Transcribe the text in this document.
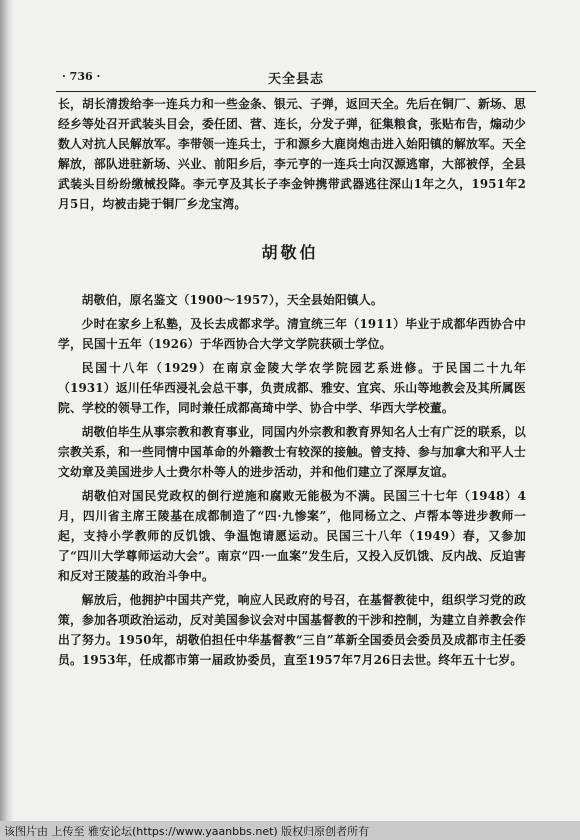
· 736 ·	天全县志

长，胡长清拨给李一连兵力和一些金条、银元、子弹，返回天全。先后在铜厂、新场、思经乡等处召开武装头目会，委任团、营、连长，分发子弹，征集粮食，张贴布告，煽动少数人对抗人民解放军。李带领一连兵士，于和源乡大鹿岗炮击进入始阳镇的解放军。天全解放，部队进驻新场、兴业、前阳乡后，李元亨的一连兵士向汉源逃窜，大部被俘，全县武装头目纷纷缴械投降。李元亨及其长子李金钟携带武器逃往深山1年之久，1951年2月5日，均被击毙于铜厂乡龙宝湾。

胡敬伯

胡敬伯，原名鉴文（1900～1957），天全县始阳镇人。

少时在家乡上私塾，及长去成都求学。清宣统三年（1911）毕业于成都华西协合中学，民国十五年（1926）于华西协合大学文学院获硕士学位。

民国十八年（1929）在南京金陵大学农学院园艺系进修。于民国二十九年（1931）返川任华西浸礼会总干事，负责成都、雅安、宜宾、乐山等地教会及其所属医院、学校的领导工作，同时兼任成都高琦中学、协合中学、华西大学校董。

胡敬伯毕生从事宗教和教育事业，同国内外宗教和教育界知名人士有广泛的联系，以宗教关系，和一些同情中国革命的外籍教士有较深的接触。曾支持、参与加拿大和平人士文幼章及美国进步人士费尔朴等人的进步活动，并和他们建立了深厚友谊。

胡敬伯对国民党政权的倒行逆施和腐败无能极为不满。民国三十七年（1948）4月，四川省主席王陵基在成都制造了“四·九惨案”，他同杨立之、卢帮本等进步教师一起，支持小学教师的反饥饿、争温饱请愿运动。民国三十八年（1949）春，又参加了“四川大学尊师运动大会”。南京“四·一血案”发生后，又投入反饥饿、反内战、反迫害和反对王陵基的政治斗争中。

解放后，他拥护中国共产党，响应人民政府的号召，在基督教徒中，组织学习党的政策，参加各项政治运动，反对美国参议会对中国基督教的干涉和控制，为建立自养教会作出了努力。1950年，胡敬伯担任中华基督教“三自”革新全国委员会委员及成都市主任委员。1953年，任成都市第一届政协委员，直至1957年7月26日去世。终年五十七岁。

该图片由 上传至 雅安论坛(https://www.yaanbbs.net) 版权归原创者所有
